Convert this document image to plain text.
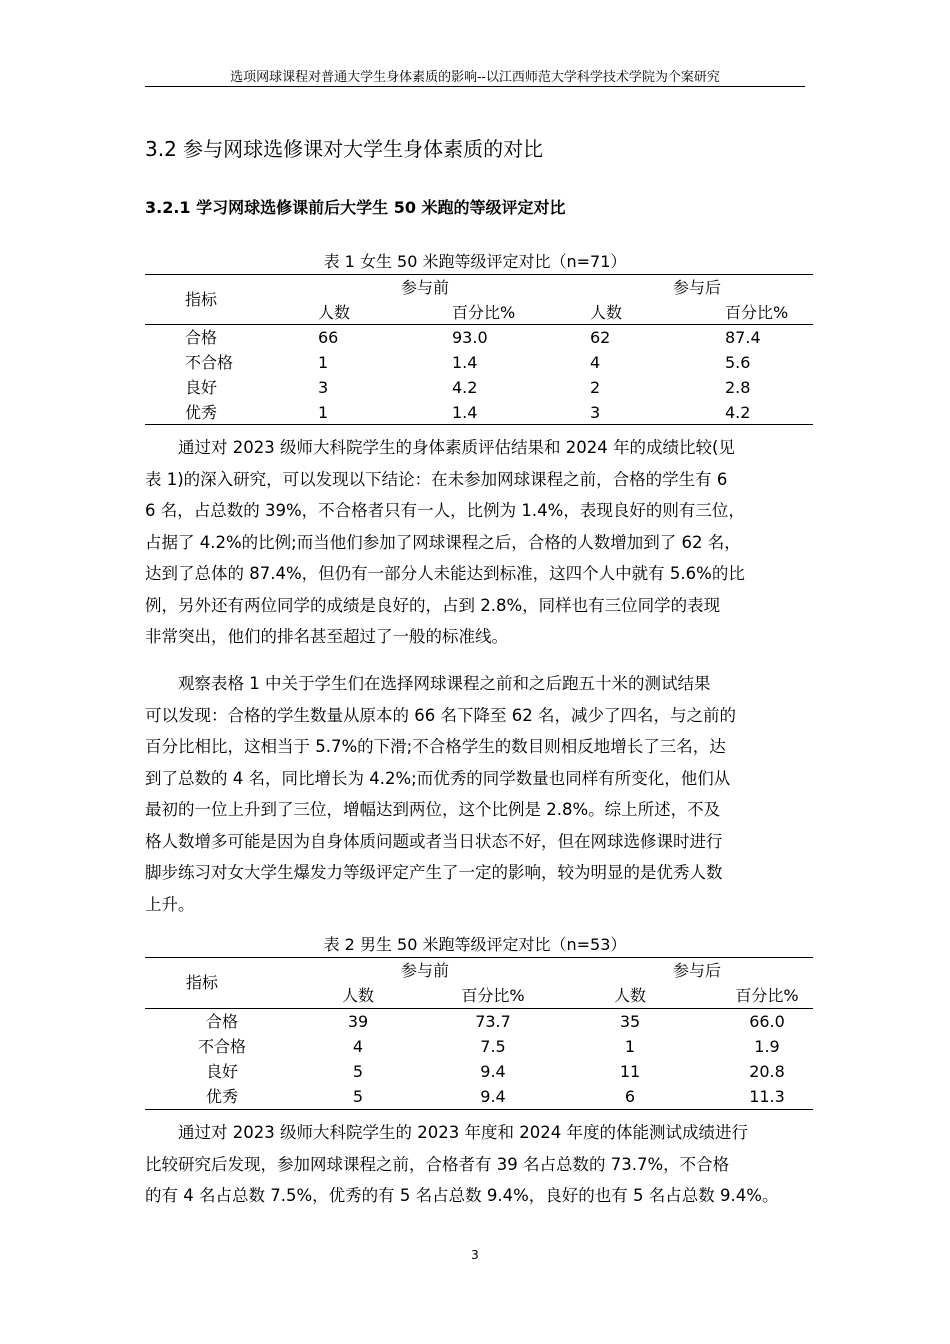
选项网球课程对普通大学生身体素质的影响--以江西师范大学科学技术学院为个案研究
3.2 参与网球选修课对大学生身体素质的对比
3.2.1 学习网球选修课前后大学生 50 米跑的等级评定对比
表 1 女生 50 米跑等级评定对比（n=71）
指标
参与前	参与后
人数	百分比%	人数	百分比%
合格	66	93.0	62	87.4
不合格	1	1.4	4	5.6
良好	3	4.2	2	2.8
优秀	1	1.4	3	4.2
　　通过对 2023 级师大科院学生的身体素质评估结果和 2024 年的成绩比较(见
表 1)的深入研究，可以发现以下结论：在未参加网球课程之前，合格的学生有 6
6 名，占总数的 39%，不合格者只有一人，比例为 1.4%，表现良好的则有三位，
占据了 4.2%的比例;而当他们参加了网球课程之后，合格的人数增加到了 62 名，
达到了总体的 87.4%，但仍有一部分人未能达到标准，这四个人中就有 5.6%的比
例，另外还有两位同学的成绩是良好的，占到 2.8%，同样也有三位同学的表现
非常突出，他们的排名甚至超过了一般的标准线。
　　观察表格 1 中关于学生们在选择网球课程之前和之后跑五十米的测试结果
可以发现：合格的学生数量从原本的 66 名下降至 62 名，减少了四名，与之前的
百分比相比，这相当于 5.7%的下滑;不合格学生的数目则相反地增长了三名，达
到了总数的 4 名，同比增长为 4.2%;而优秀的同学数量也同样有所变化，他们从
最初的一位上升到了三位，增幅达到两位，这个比例是 2.8%。综上所述，不及
格人数增多可能是因为自身体质问题或者当日状态不好，但在网球选修课时进行
脚步练习对女大学生爆发力等级评定产生了一定的影响，较为明显的是优秀人数
上升。
表 2 男生 50 米跑等级评定对比（n=53）
指标
参与前	参与后
人数	百分比%	人数	百分比%
合格	39	73.7	35	66.0
不合格	4	7.5	1	1.9
良好	5	9.4	11	20.8
优秀	5	9.4	6	11.3
　　通过对 2023 级师大科院学生的 2023 年度和 2024 年度的体能测试成绩进行
比较研究后发现，参加网球课程之前，合格者有 39 名占总数的 73.7%，不合格
的有 4 名占总数 7.5%，优秀的有 5 名占总数 9.4%，良好的也有 5 名占总数 9.4%。
3
